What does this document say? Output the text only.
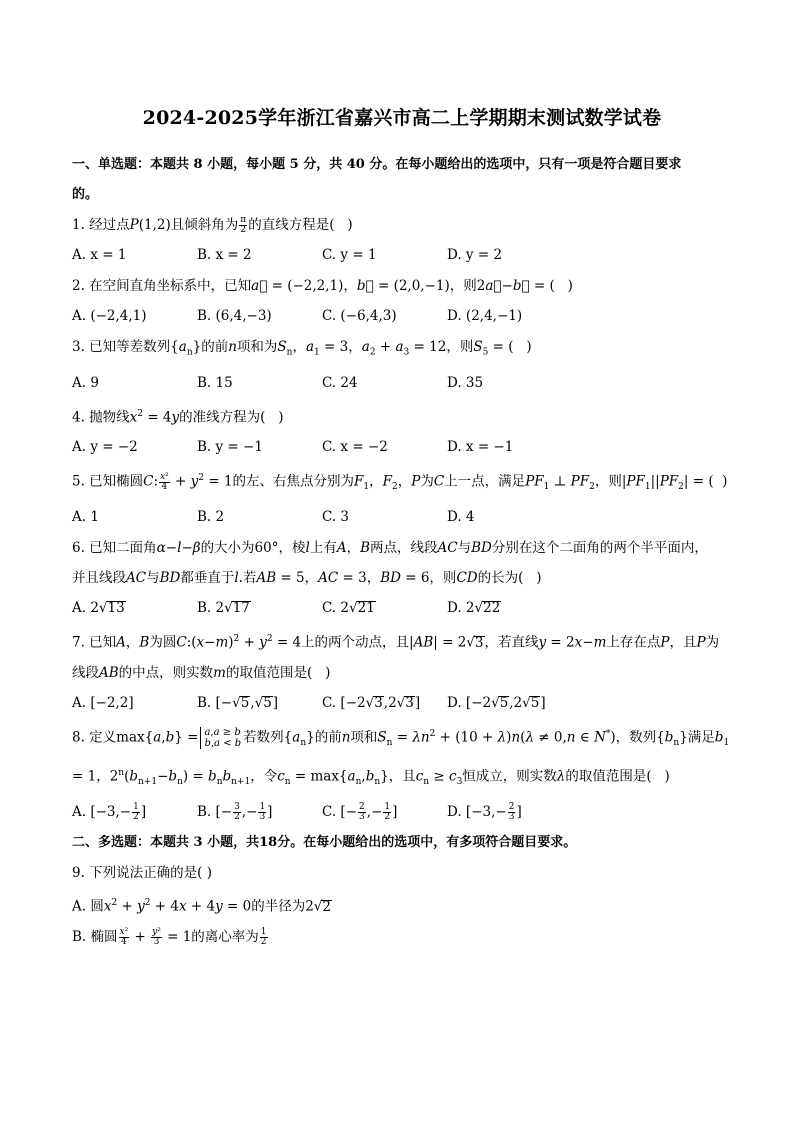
2024-2025学年浙江省嘉兴市高二上学期期末测试数学试卷

一、单选题：本题共 8 小题，每小题 5 分，共 40 分。在每小题给出的选项中，只有一项是符合题目要求
的。

1. 经过点P(1,2)且倾斜角为 $\frac{\pi}{2}$ 的直线方程是(   )

A. x = 1	B. x = 2	C. y = 1	D. y = 2

2. 在空间直角坐标系中，已知a⃗ = (−2,2,1)，b⃗ = (2,0,−1)，则2a⃗−b⃗ = (   )

A. (−2,4,1)	B. (6,4,−3)	C. (−6,4,3)	D. (2,4,−1)

3. 已知等差数列$\{a_n\}$的前n项和为$S_n$，$a_1 = 3$，$a_2 + a_3 = 12$，则$S_5$ = (   )

A. 9	B. 15	C. 24	D. 35

4. 抛物线$x^2 = 4y$的准线方程为(   )

A. y = −2	B. y = −1	C. x = −2	D. x = −1

5. 已知椭圆C: $\frac{\text{x²}}{4} + y^2 = 1$的左、右焦点分别为$F_1$，$F_2$，P为C上一点，满足$PF_1$ ⊥ $PF_2$，则$|PF_1||PF_2|$ = (  )

A. 1	B. 2	C. 3	D. 4

6. 已知二面角α−l−β的大小为60°，棱l上有A，B两点，线段AC与BD分别在这个二面角的两个半平面内，
并且线段AC与BD都垂直于l.若AB = 5，AC = 3，BD = 6，则CD的长为(   )

A. 2√13	B. 2√17	C. 2√21	D. 2√22

7. 已知A，B为圆$C:(x-m)^2 + y^2 = 4$上的两个动点，且|AB| = 2√3，若直线y = 2x−m上存在点P，且P为
线段AB的中点，则实数m的取值范围是(   )

A. [−2,2]	B. [−√5,√5]	C. [−2√3,2√3]	D. [−2√5,2√5]

8. 定义max{a,b} = a,a ≥ b
b,a < b 若数列$\{a_n\}$的前n项和$S_n = \lambda n^2 + (10 + \lambda)n(\lambda \ne 0,n$ ∈ N*)，数列$\{b_n\}$满足$b_1$
= 1，$2^n(b_{n+1}-b_n) = b_nb_{n+1}$，令$c_n = \max\{a_n,b_n\}$，且$c_n \ge c_3$恒成立，则实数λ的取值范围是(   )

A. [$-3,- \frac{1}{2}$ ]	B. [− $\frac{3}{2}$ ,− $\frac{1}{3}$ ]	C. [− $\frac{2}{3}$ ,− $\frac{1}{2}$ ]	D. [$-3,- \frac{2}{3}$ ]

二、多选题：本题共 3 小题，共18分。在每小题给出的选项中，有多项符合题目要求。

9. 下列说法正确的是( )

A. 圆$x^2 + y^2 + 4x + 4y = 0$的半径为2√2

B. 椭圆 $\frac{\text{x²}}{4} + \frac{\text{y²}}{3} = 1$的离心率为 $\frac{1}{2}$
